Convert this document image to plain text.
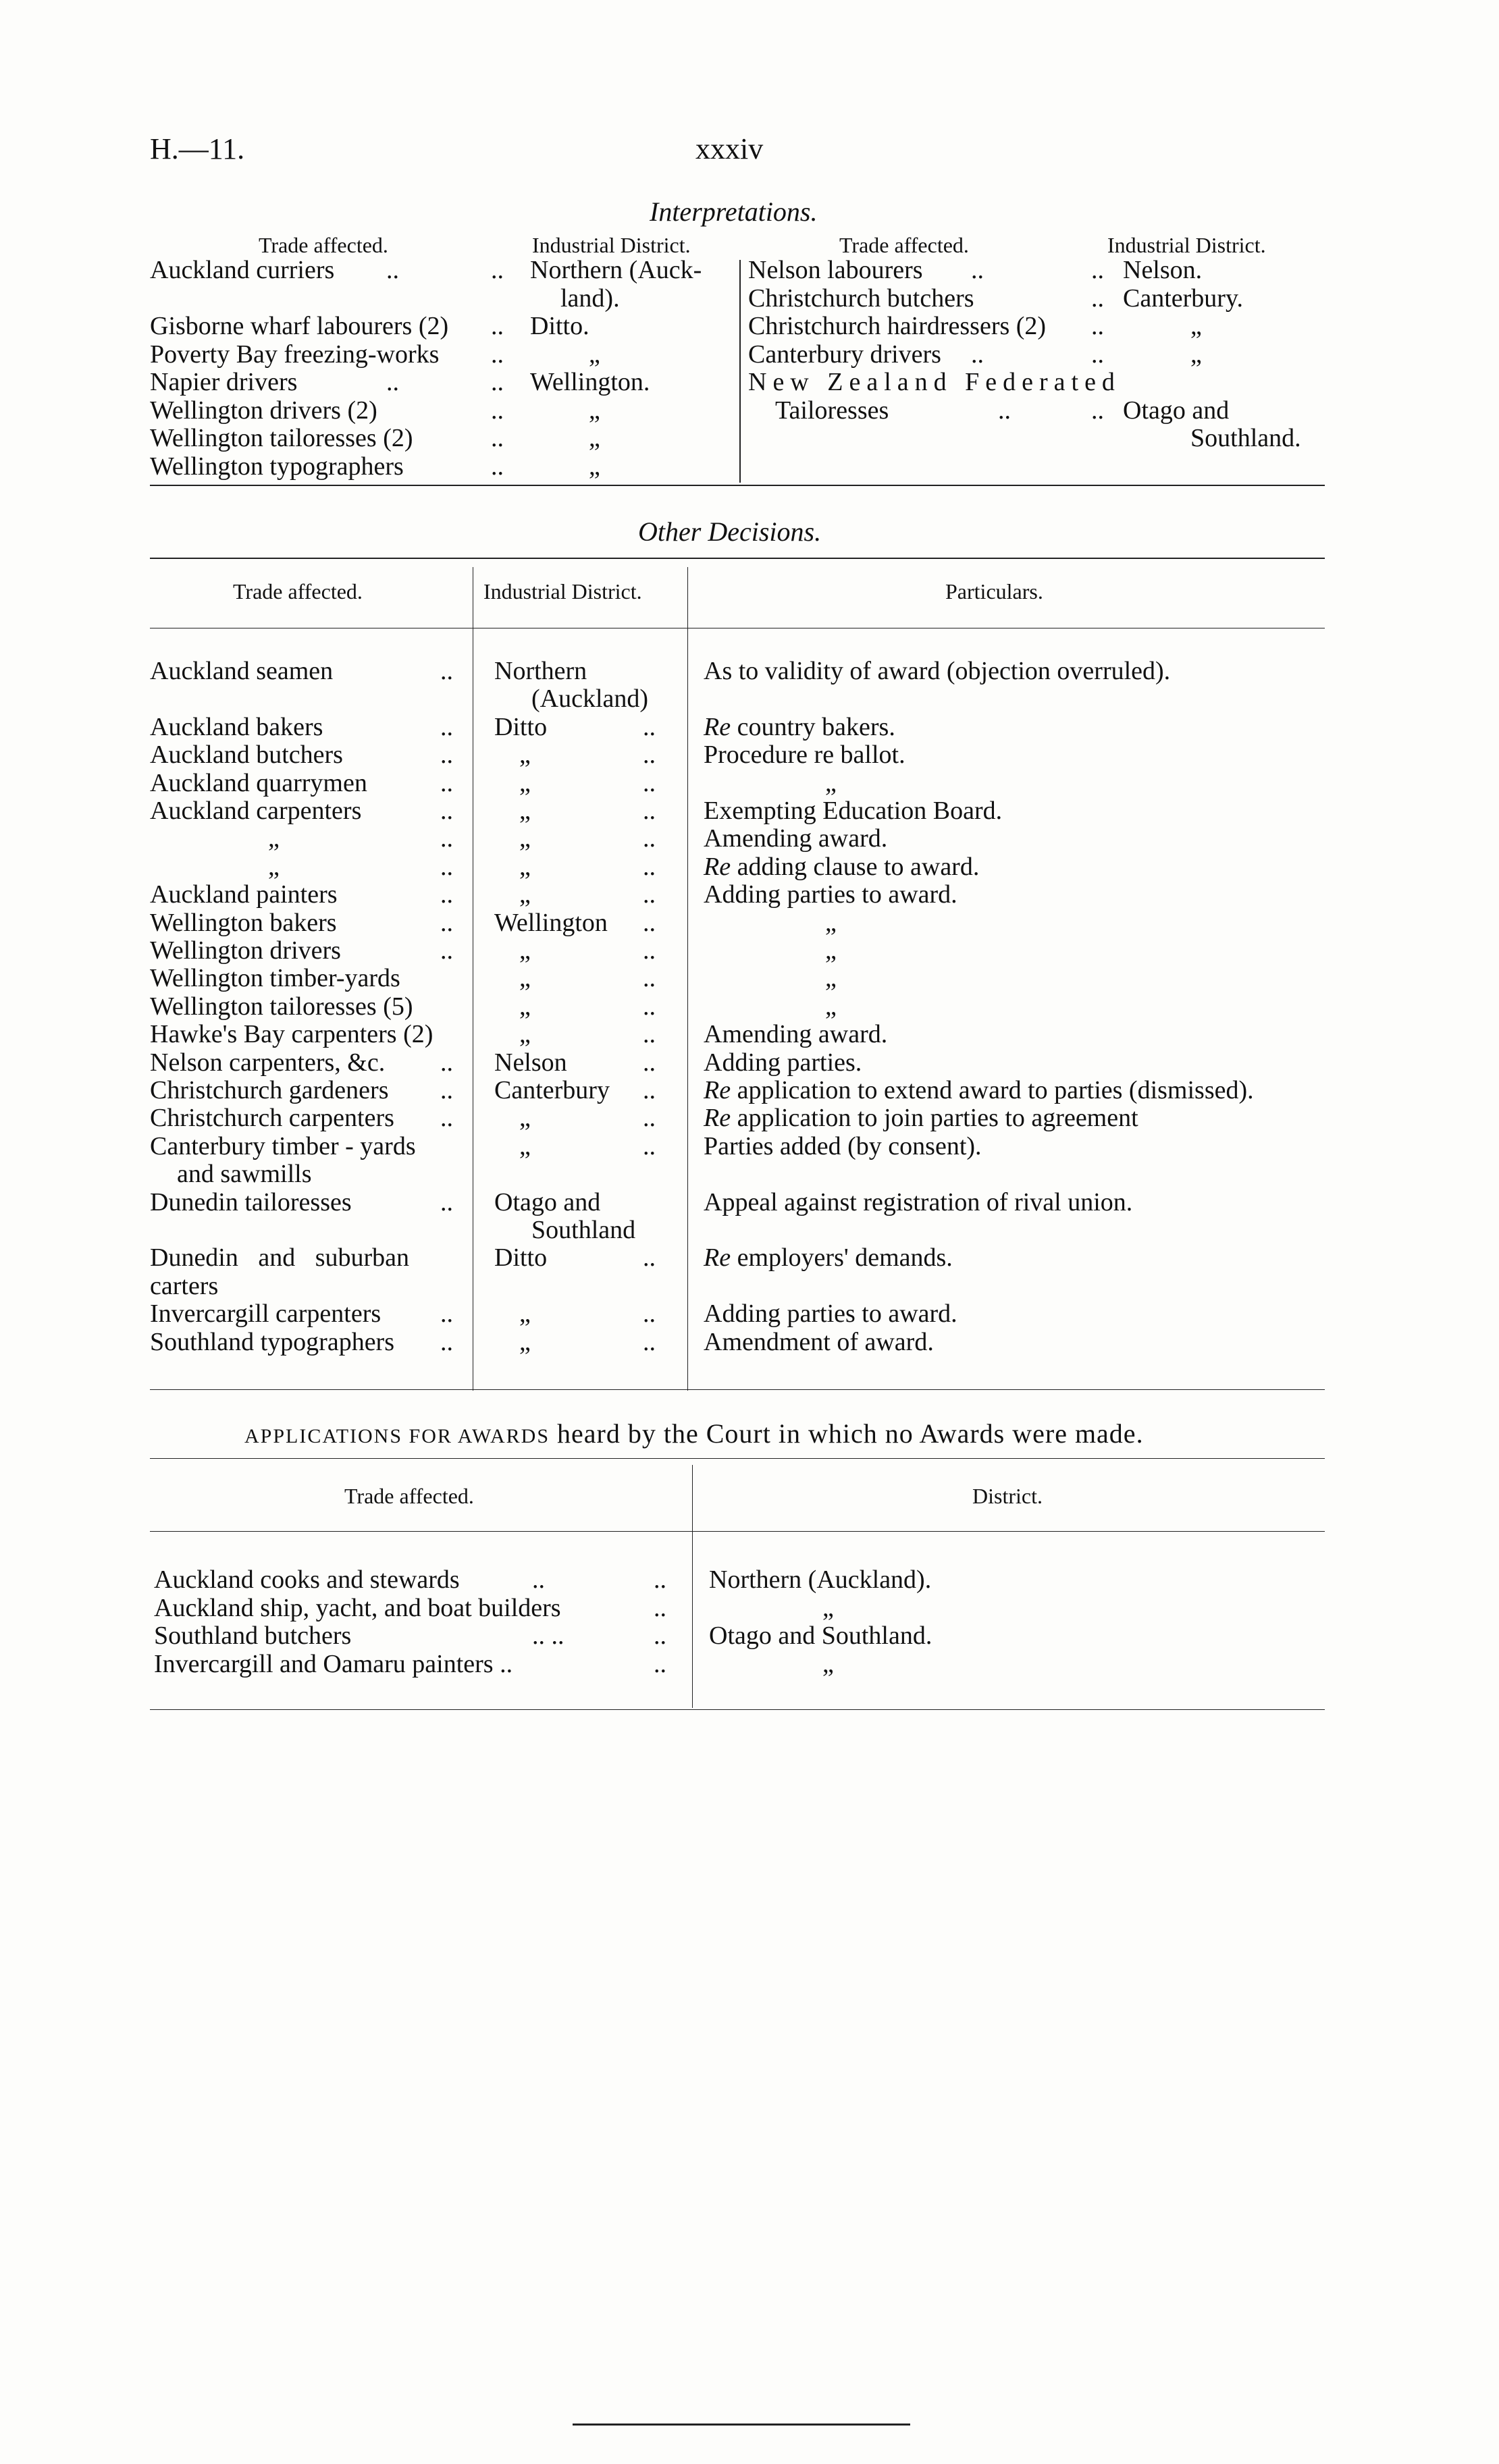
H.—11.	xxxiv
Interpretations.
Trade affected.	Industrial District.	Trade affected.	Industrial District.
Auckland curriers ..	.. Northern (Auck-
land).
Gisborne wharf labourers (2) .. Ditto.
Poverty Bay freezing-works ..	„
Napier drivers	..	.. Wellington.
Wellington drivers (2)	..	„
Wellington tailoresses (2)	..	„
Wellington typographers	..	„
Nelson labourers ..	.. Nelson.
Christchurch butchers	.. Canterbury.
Christchurch hairdressers (2) ..	„
Canterbury drivers ..	..	„
New Zealand Federated
Tailoresses	..	.. Otago and
Southland.
Other Decisions.
Trade affected.	Industrial District.	Particulars.
Auckland seamen	.. Northern	As to validity of award (objection overruled).
(Auckland)
Auckland bakers	.. Ditto	.. Re country bakers.
Auckland butchers	..	„	.. Procedure re ballot.
Auckland quarrymen	..	„	..	„
Auckland carpenters	..	„	.. Exempting Education Board.
„	..	„	.. Amending award.
„	..	„	.. Re adding clause to award.
Auckland painters	..	„	.. Adding parties to award.
Wellington bakers	.. Wellington ..	„
Wellington drivers	..	„	..	„
Wellington timber-yards	„	..	„
Wellington tailoresses (5)	„	..	„
Hawke's Bay carpenters (2)	„	.. Amending award.
Nelson carpenters, &c. .. Nelson	.. Adding parties.
Christchurch gardeners .. Canterbury .. Re application to extend award to parties (dismissed).
Christchurch carpenters ..	„	.. Re application to join parties to agreement
Canterbury timber - yards	„	.. Parties added (by consent).
and sawmills
Dunedin tailoresses	.. Otago and	Appeal against registration of rival union.
Southland
Dunedin and suburban	Ditto	.. Re employers' demands.
carters
Invercargill carpenters ..	„	.. Adding parties to award.
Southland typographers ..	„	.. Amendment of award.
APPLICATIONS FOR AWARDS heard by the Court in which no Awards were made.
Trade affected.	District.
Auckland cooks and stewards	..	.. Northern (Auckland).
Auckland ship, yacht, and boat builders	..	„
Southland butchers	.. ..	.. Otago and Southland.
Invercargill and Oamaru painters ..	..	„
